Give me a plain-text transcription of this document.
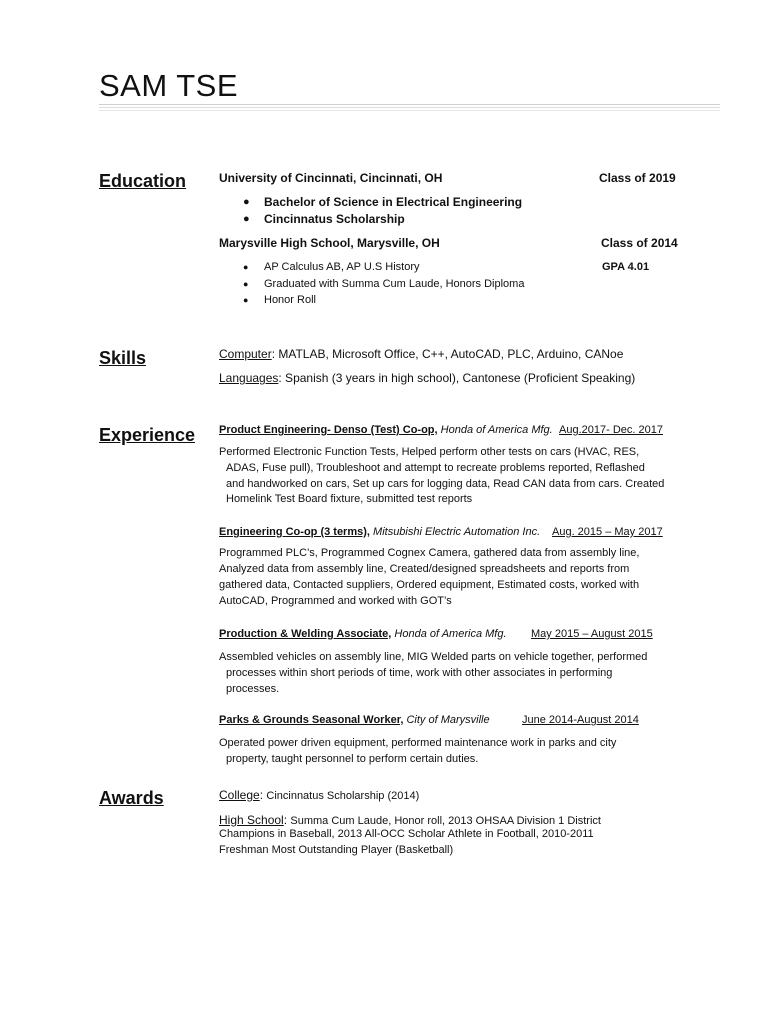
SAM TSE
Education	University of Cincinnati, Cincinnati, OH	Class of 2019
● Bachelor of Science in Electrical Engineering
● Cincinnatus Scholarship
Marysville High School, Marysville, OH	Class of 2014
● AP Calculus AB, AP U.S History	GPA 4.01
● Graduated with Summa Cum Laude, Honors Diploma
● Honor Roll
Skills	Computer: MATLAB, Microsoft Office, C++, AutoCAD, PLC, Arduino, CANoe
Languages: Spanish (3 years in high school), Cantonese (Proficient Speaking)
Experience Product Engineering- Denso (Test) Co-op, Honda of America Mfg. Aug.2017- Dec. 2017
Performed Electronic Function Tests, Helped perform other tests on cars (HVAC, RES,
ADAS, Fuse pull), Troubleshoot and attempt to recreate problems reported, Reflashed
and handworked on cars, Set up cars for logging data, Read CAN data from cars. Created
Homelink Test Board fixture, submitted test reports
Engineering Co-op (3 terms), Mitsubishi Electric Automation Inc. Aug. 2015 – May 2017
Programmed PLC’s, Programmed Cognex Camera, gathered data from assembly line,
Analyzed data from assembly line, Created/designed spreadsheets and reports from
gathered data, Contacted suppliers, Ordered equipment, Estimated costs, worked with
AutoCAD, Programmed and worked with GOT’s
Production & Welding Associate, Honda of America Mfg. May 2015 – August 2015
Assembled vehicles on assembly line, MIG Welded parts on vehicle together, performed
processes within short periods of time, work with other associates in performing
processes.
Parks & Grounds Seasonal Worker, City of Marysville	June 2014-August 2014
Operated power driven equipment, performed maintenance work in parks and city
property, taught personnel to perform certain duties.
Awards	College: Cincinnatus Scholarship (2014)
High School: Summa Cum Laude, Honor roll, 2013 OHSAA Division 1 District
Champions in Baseball, 2013 All-OCC Scholar Athlete in Football, 2010-2011
Freshman Most Outstanding Player (Basketball)
